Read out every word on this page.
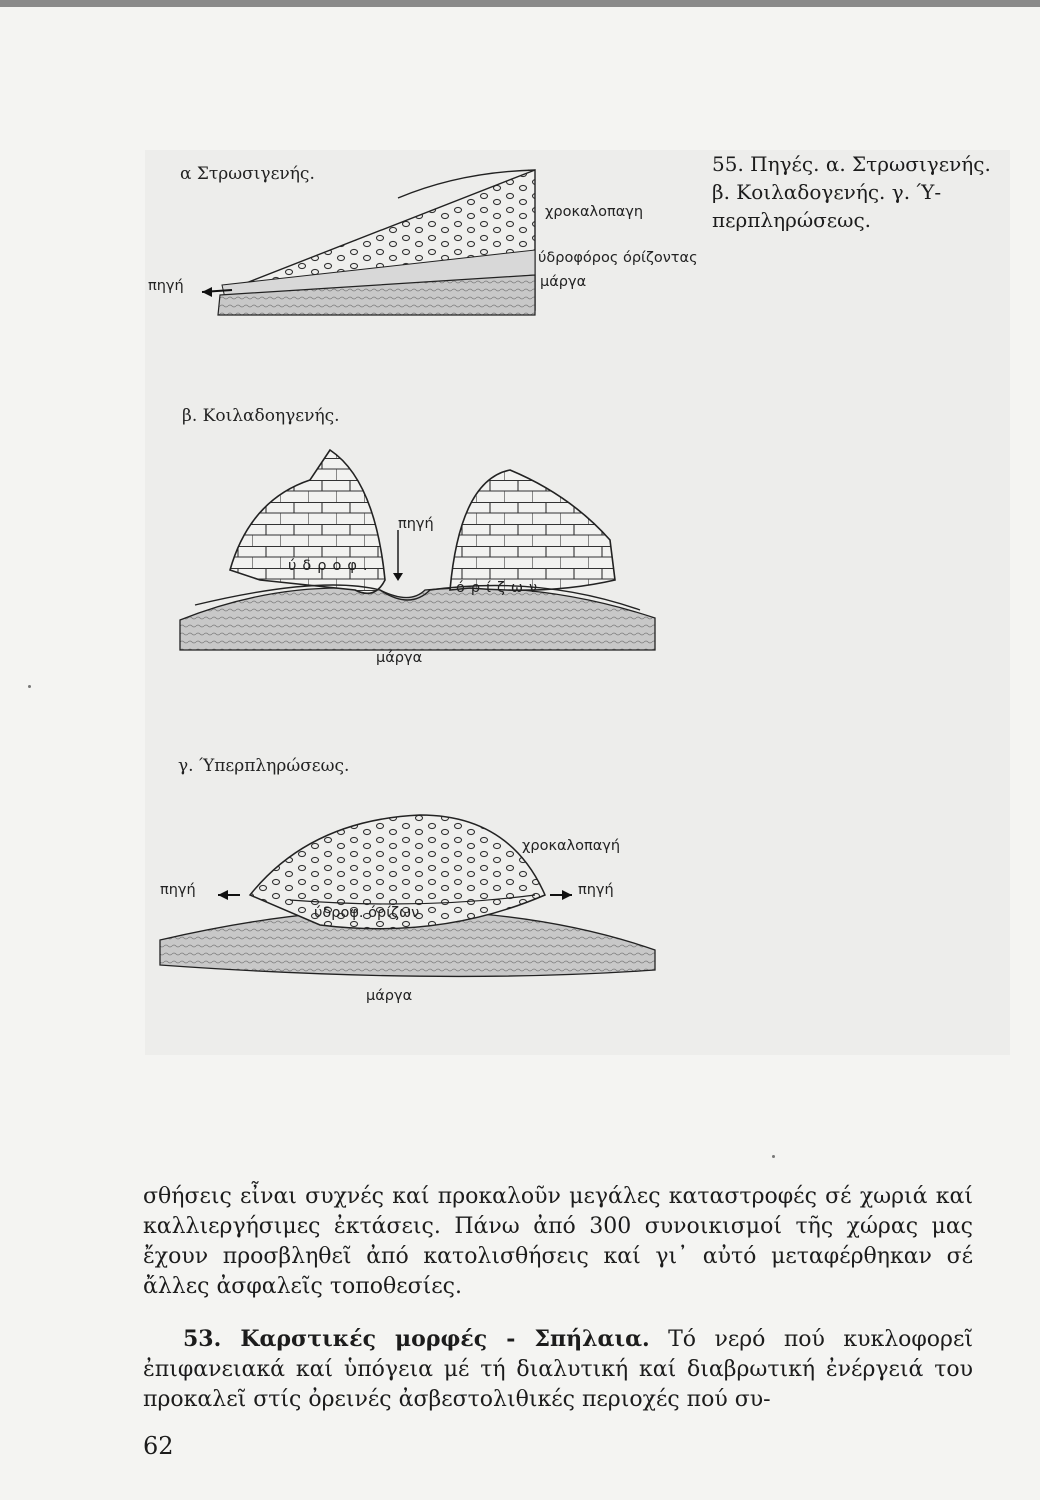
α Στρωσιγενής.
χροκαλοπαγη
ύδροφόρος όρίζοντας
μάργα
πηγή
β. Κοιλαδοηγενής.
πηγή
ύδροφ.
όρίζων
μάργα
γ. Ύπερπληρώσεως.
χροκαλοπαγή
πηγή	πηγή
ύδροφ. όρίζων
μάργα
55. Πηγές. α. Στρωσιγενής. β. Κοιλαδογενής. γ. Ύ-περπληρώσεως.

σθήσεις εἶναι συχνές καί προκαλοῦν μεγάλες καταστροφές σέ χωριά καί καλλιεργήσιμες ἐκτάσεις. Πάνω ἀπό 300 συνοικισμοί τῆς χώρας μας ἔχουν προσβληθεῖ ἀπό κατολισθήσεις καί γι᾽ αὐτό μεταφέρθηκαν σέ ἄλλες ἀσφαλεῖς τοποθεσίες.

53. Καρστικές μορφές - Σπήλαια. Τό νερό πού κυκλοφορεῖ ἐπιφανειακά καί ὑπόγεια μέ τή διαλυτική καί διαβρωτική ἐνέργειά του προκαλεῖ στίς ὀρεινές ἀσβεστολιθικές περιοχές πού συ-

62
